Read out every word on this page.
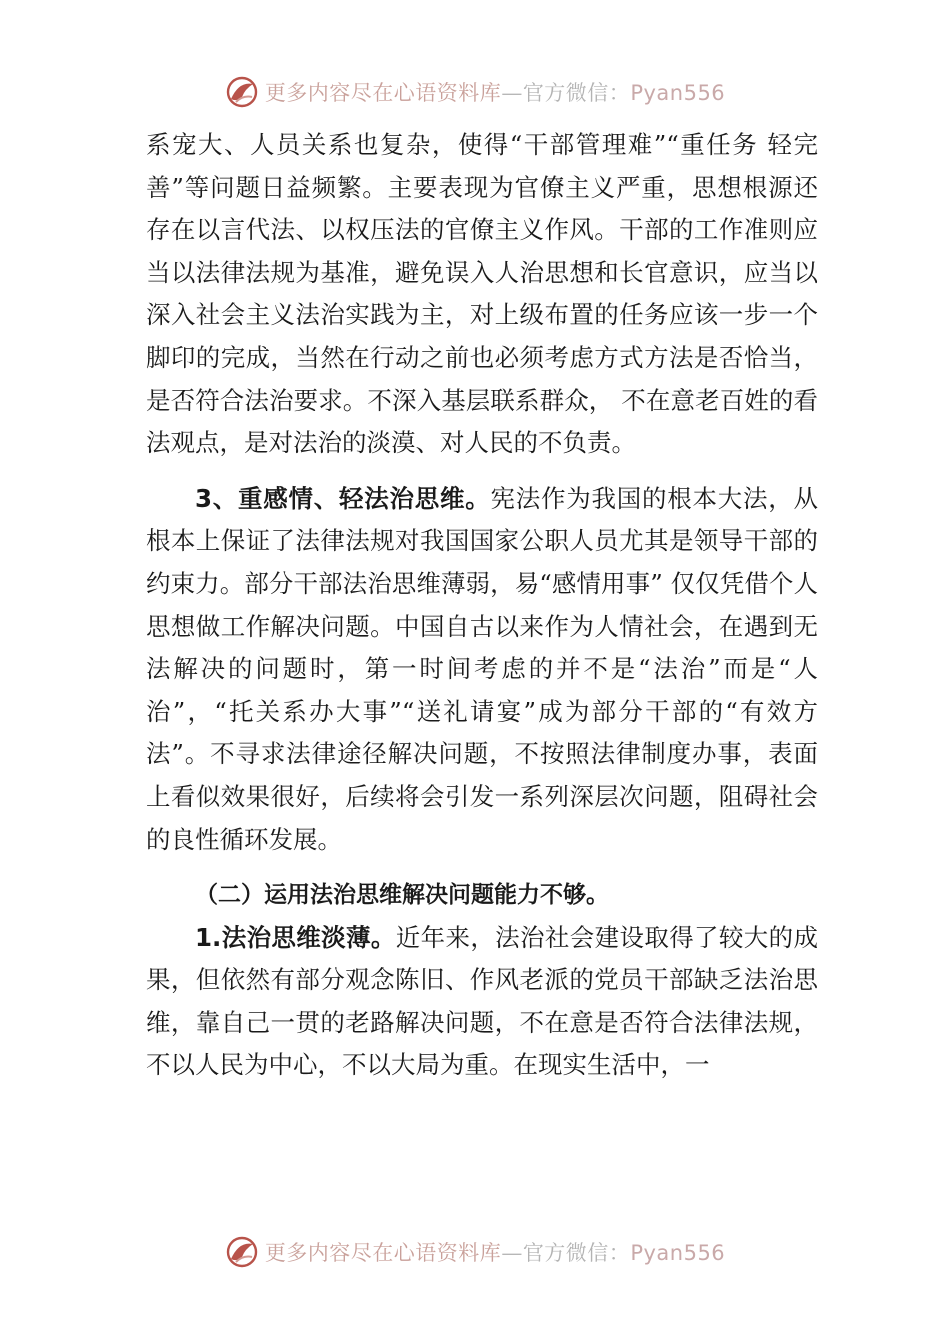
更多内容尽在心语资料库—官方微信：Pyan556

系宠大、人员关系也复杂，使得“干部管理难”“重任务 轻完善”等问题日益频繁。主要表现为官僚主义严重，思想根源还存在以言代法、以权压法的官僚主义作风。干部的工作准则应当以法律法规为基准，避免误入人治思想和长官意识，应当以深入社会主义法治实践为主，对上级布置的任务应该一步一个脚印的完成，当然在行动之前也必须考虑方式方法是否恰当，是否符合法治要求。不深入基层联系群众， 不在意老百姓的看法观点，是对法治的淡漠、对人民的不负责。

3、重感情、轻法治思维。宪法作为我国的根本大法，从根本上保证了法律法规对我国国家公职人员尤其是领导干部的约束力。部分干部法治思维薄弱，易“感情用事” 仅仅凭借个人思想做工作解决问题。中国自古以来作为人情社会，在遇到无法解决的问题时，第一时间考虑的并不是“法治”而是“人治”，“托关系办大事”“送礼请宴”成为部分干部的“有效方法”。不寻求法律途径解决问题，不按照法律制度办事，表面上看似效果很好，后续将会引发一系列深层次问题，阻碍社会的良性循环发展。

（二）运用法治思维解决问题能力不够。

1.法治思维淡薄。近年来，法治社会建设取得了较大的成果，但依然有部分观念陈旧、作风老派的党员干部缺乏法治思维，靠自己一贯的老路解决问题，不在意是否符合法律法规，不以人民为中心，不以大局为重。在现实生活中，一

更多内容尽在心语资料库—官方微信：Pyan556
